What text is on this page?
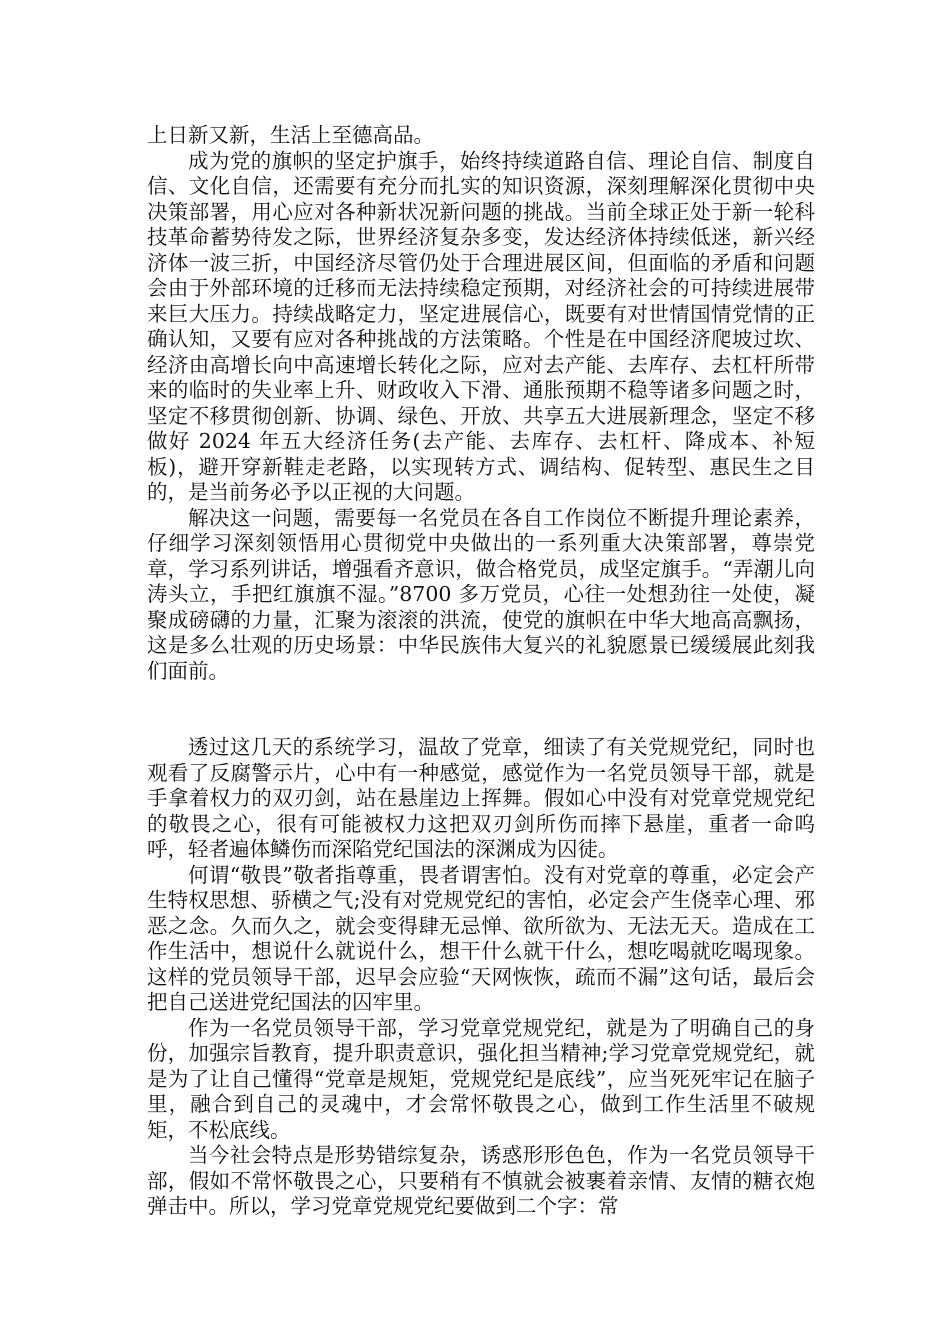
上日新又新，生活上至德高品。

成为党的旗帜的坚定护旗手，始终持续道路自信、理论自信、制度自信、文化自信，还需要有充分而扎实的知识资源，深刻理解深化贯彻中央决策部署，用心应对各种新状况新问题的挑战。当前全球正处于新一轮科技革命蓄势待发之际，世界经济复杂多变，发达经济体持续低迷，新兴经济体一波三折，中国经济尽管仍处于合理进展区间，但面临的矛盾和问题会由于外部环境的迁移而无法持续稳定预期，对经济社会的可持续进展带来巨大压力。持续战略定力，坚定进展信心，既要有对世情国情党情的正确认知，又要有应对各种挑战的方法策略。个性是在中国经济爬坡过坎、经济由高增长向中高速增长转化之际，应对去产能、去库存、去杠杆所带来的临时的失业率上升、财政收入下滑、通胀预期不稳等诸多问题之时，坚定不移贯彻创新、协调、绿色、开放、共享五大进展新理念，坚定不移做好 2024 年五大经济任务(去产能、去库存、去杠杆、降成本、补短板)，避开穿新鞋走老路，以实现转方式、调结构、促转型、惠民生之目的，是当前务必予以正视的大问题。

解决这一问题，需要每一名党员在各自工作岗位不断提升理论素养，仔细学习深刻领悟用心贯彻党中央做出的一系列重大决策部署，尊崇党章，学习系列讲话，增强看齐意识，做合格党员，成坚定旗手。“弄潮儿向涛头立，手把红旗旗不湿。”8700 多万党员，心往一处想劲往一处使，凝聚成磅礴的力量，汇聚为滚滚的洪流，使党的旗帜在中华大地高高飘扬，这是多么壮观的历史场景：中华民族伟大复兴的礼貌愿景已缓缓展此刻我们面前。

透过这几天的系统学习，温故了党章，细读了有关党规党纪，同时也观看了反腐警示片，心中有一种感觉，感觉作为一名党员领导干部，就是手拿着权力的双刃剑，站在悬崖边上挥舞。假如心中没有对党章党规党纪的敬畏之心，很有可能被权力这把双刃剑所伤而摔下悬崖，重者一命呜呼，轻者遍体鳞伤而深陷党纪国法的深渊成为囚徒。

何谓“敬畏”敬者指尊重，畏者谓害怕。没有对党章的尊重，必定会产生特权思想、骄横之气;没有对党规党纪的害怕，必定会产生侥幸心理、邪恶之念。久而久之，就会变得肆无忌惮、欲所欲为、无法无天。造成在工作生活中，想说什么就说什么，想干什么就干什么，想吃喝就吃喝现象。这样的党员领导干部，迟早会应验“天网恢恢，疏而不漏”这句话，最后会把自己送进党纪国法的囚牢里。

作为一名党员领导干部，学习党章党规党纪，就是为了明确自己的身份，加强宗旨教育，提升职责意识，强化担当精神;学习党章党规党纪，就是为了让自己懂得“党章是规矩，党规党纪是底线”，应当死死牢记在脑子里，融合到自己的灵魂中，才会常怀敬畏之心，做到工作生活里不破规矩，不松底线。

当今社会特点是形势错综复杂，诱惑形形色色，作为一名党员领导干部，假如不常怀敬畏之心，只要稍有不慎就会被裹着亲情、友情的糖衣炮弹击中。所以，学习党章党规党纪要做到二个字：常
